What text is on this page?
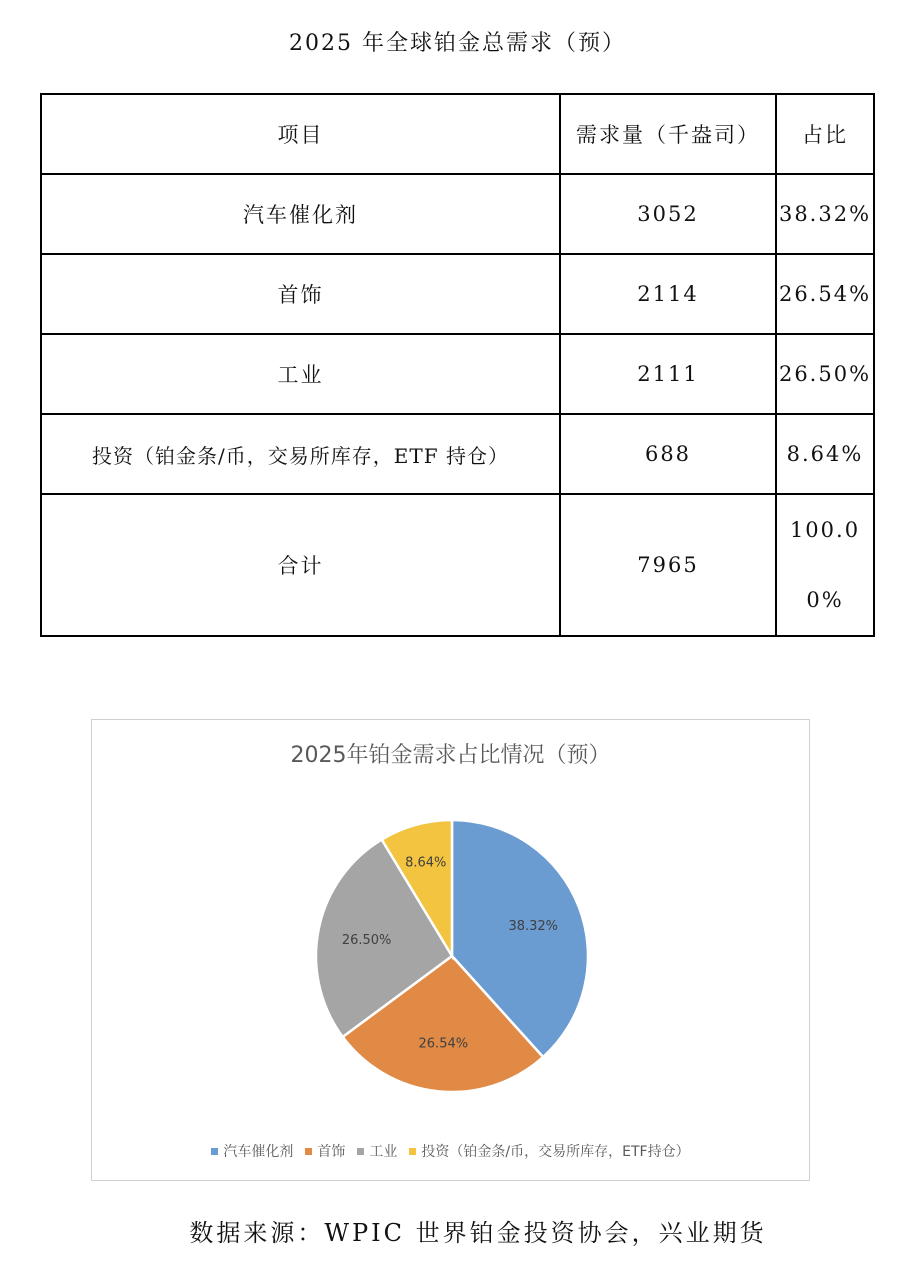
2025 年全球铂金总需求（预）
项目	需求量（千盎司）	占比
汽车催化剂	3052	38.32%
首饰	2114	26.54%
工业	2111	26.50%
投资（铂金条/币，交易所库存，ETF 持仓）	688	8.64%
合计	7965	100.00%
2025年铂金需求占比情况（预）
38.32%
26.54%
26.50%
8.64%
汽车催化剂 首饰 工业 投资（铂金条/币，交易所库存，ETF持仓）
数据来源：WPIC 世界铂金投资协会，兴业期货
